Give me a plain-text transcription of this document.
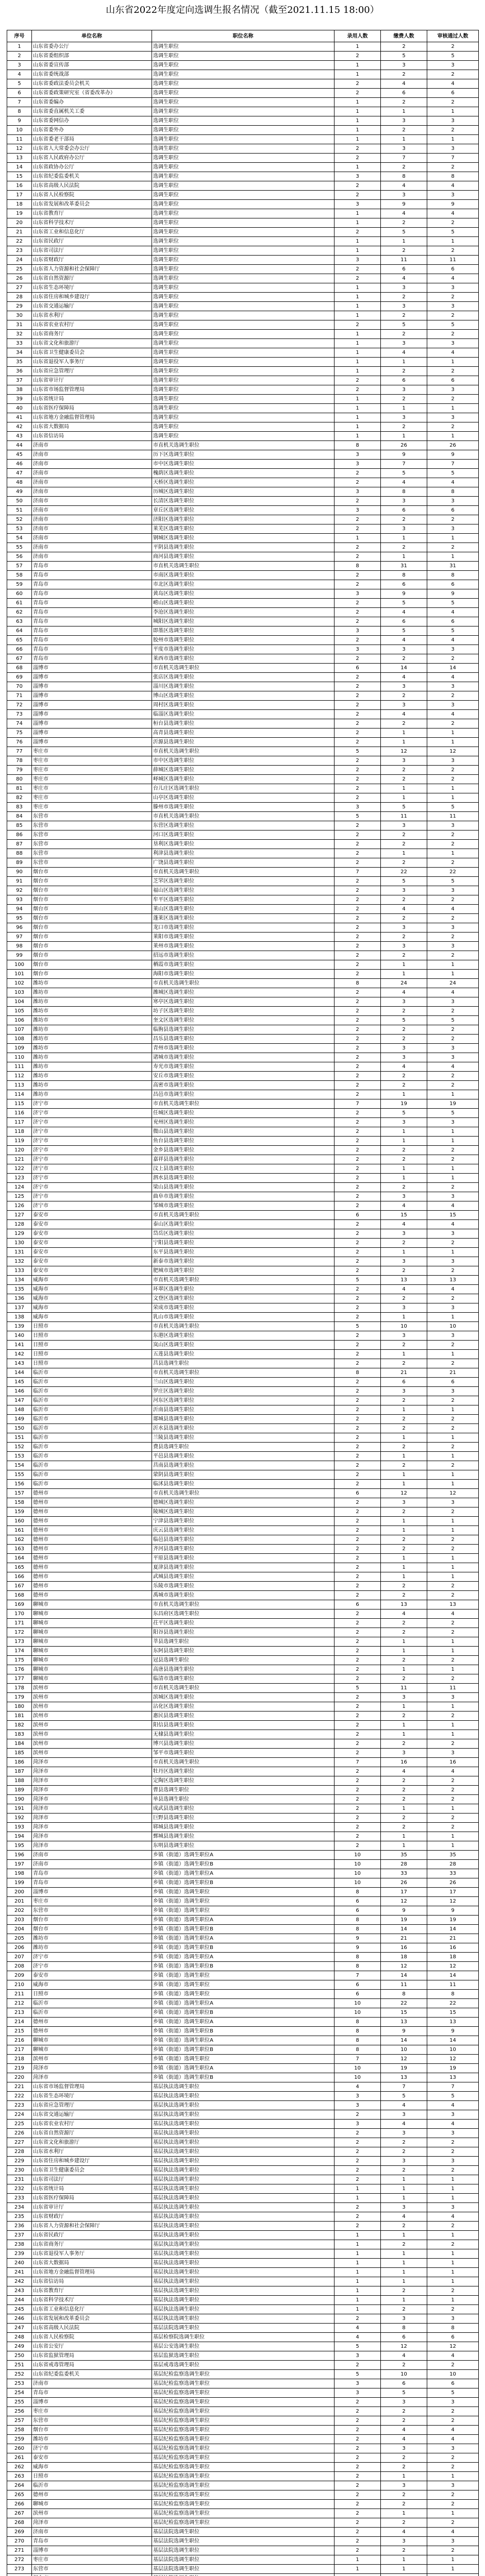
山东省2022年度定向选调生报名情况（截至2021.11.15 18:00）
序号	单位名称	职位名称	录用人数	缴费人数	审核通过人数
1	山东省委办公厅	选调生职位	1	2	2
2	山东省委组织部	选调生职位	2	5	5
3	山东省委宣传部	选调生职位	1	3	3
4	山东省委统战部	选调生职位	1	2	2
5	山东省委政法委员会机关	选调生职位	2	4	4
6	山东省委政策研究室（省委改革办）	选调生职位	2	6	6
7	山东省委编办	选调生职位	1	2	2
8	山东省委直属机关工委	选调生职位	1	1	1
9	山东省委网信办	选调生职位	1	3	3
10	山东省委外办	选调生职位	1	2	2
11	山东省委老干部局	选调生职位	1	1	1
12	山东省人大常委会办公厅	选调生职位	2	3	3
13	山东省人民政府办公厅	选调生职位	2	7	7
14	山东省政协办公厅	选调生职位	1	2	2
15	山东省纪委监委机关	选调生职位	3	8	8
16	山东省高级人民法院	选调生职位	2	4	4
17	山东省人民检察院	选调生职位	2	3	3
18	山东省发展和改革委员会	选调生职位	3	9	9
19	山东省教育厅	选调生职位	1	4	4
20	山东省科学技术厅	选调生职位	1	2	2
21	山东省工业和信息化厅	选调生职位	2	5	5
22	山东省民政厅	选调生职位	1	1	1
23	山东省司法厅	选调生职位	1	2	2
24	山东省财政厅	选调生职位	3	11	11
25	山东省人力资源和社会保障厅	选调生职位	2	6	6
26	山东省自然资源厅	选调生职位	2	4	4
27	山东省生态环境厅	选调生职位	1	3	3
28	山东省住房和城乡建设厅	选调生职位	1	2	2
29	山东省交通运输厅	选调生职位	1	3	3
30	山东省水利厅	选调生职位	1	2	2
31	山东省农业农村厅	选调生职位	2	5	5
32	山东省商务厅	选调生职位	1	2	2
33	山东省文化和旅游厅	选调生职位	1	3	3
34	山东省卫生健康委员会	选调生职位	1	4	4
35	山东省退役军人事务厅	选调生职位	1	1	1
36	山东省应急管理厅	选调生职位	1	2	2
37	山东省审计厅	选调生职位	2	6	6
38	山东省市场监督管理局	选调生职位	2	3	3
39	山东省统计局	选调生职位	1	2	2
40	山东省医疗保障局	选调生职位	1	1	1
41	山东省地方金融监督管理局	选调生职位	1	3	3
42	山东省大数据局	选调生职位	1	2	2
43	山东省信访局	选调生职位	1	1	1
44	济南市	市直机关选调生职位	8	26	26
45	济南市	历下区选调生职位	3	9	9
46	济南市	市中区选调生职位	3	7	7
47	济南市	槐荫区选调生职位	2	5	5
48	济南市	天桥区选调生职位	2	4	4
49	济南市	历城区选调生职位	3	8	8
50	济南市	长清区选调生职位	2	3	3
51	济南市	章丘区选调生职位	3	6	6
52	济南市	济阳区选调生职位	2	2	2
53	济南市	莱芜区选调生职位	2	3	3
54	济南市	钢城区选调生职位	1	1	1
55	济南市	平阴县选调生职位	2	2	2
56	济南市	商河县选调生职位	2	1	1
57	青岛市	市直机关选调生职位	8	31	31
58	青岛市	市南区选调生职位	2	8	8
59	青岛市	市北区选调生职位	2	6	6
60	青岛市	黄岛区选调生职位	3	9	9
61	青岛市	崂山区选调生职位	2	5	5
62	青岛市	李沧区选调生职位	2	4	4
63	青岛市	城阳区选调生职位	2	6	6
64	青岛市	即墨区选调生职位	3	5	5
65	青岛市	胶州市选调生职位	2	4	4
66	青岛市	平度市选调生职位	3	3	3
67	青岛市	莱西市选调生职位	2	2	2
68	淄博市	市直机关选调生职位	6	14	14
69	淄博市	张店区选调生职位	2	4	4
70	淄博市	淄川区选调生职位	2	3	3
71	淄博市	博山区选调生职位	2	2	2
72	淄博市	周村区选调生职位	2	3	3
73	淄博市	临淄区选调生职位	2	4	4
74	淄博市	桓台县选调生职位	2	2	2
75	淄博市	高青县选调生职位	2	1	1
76	淄博市	沂源县选调生职位	2	1	1
77	枣庄市	市直机关选调生职位	5	12	12
78	枣庄市	市中区选调生职位	2	3	3
79	枣庄市	薛城区选调生职位	2	2	2
80	枣庄市	峄城区选调生职位	2	2	2
81	枣庄市	台儿庄区选调生职位	2	1	1
82	枣庄市	山亭区选调生职位	2	1	1
83	枣庄市	滕州市选调生职位	3	5	5
84	东营市	市直机关选调生职位	5	11	11
85	东营市	东营区选调生职位	2	3	3
86	东营市	河口区选调生职位	2	2	2
87	东营市	垦利区选调生职位	2	2	2
88	东营市	利津县选调生职位	2	1	1
89	东营市	广饶县选调生职位	2	2	2
90	烟台市	市直机关选调生职位	7	22	22
91	烟台市	芝罘区选调生职位	2	5	5
92	烟台市	福山区选调生职位	2	3	3
93	烟台市	牟平区选调生职位	2	2	2
94	烟台市	莱山区选调生职位	2	4	4
95	烟台市	蓬莱区选调生职位	2	2	2
96	烟台市	龙口市选调生职位	2	3	3
97	烟台市	莱阳市选调生职位	2	2	2
98	烟台市	莱州市选调生职位	2	3	3
99	烟台市	招远市选调生职位	2	2	2
100	烟台市	栖霞市选调生职位	2	1	1
101	烟台市	海阳市选调生职位	2	1	1
102	潍坊市	市直机关选调生职位	8	24	24
103	潍坊市	潍城区选调生职位	2	4	4
104	潍坊市	寒亭区选调生职位	2	3	3
105	潍坊市	坊子区选调生职位	2	2	2
106	潍坊市	奎文区选调生职位	2	5	5
107	潍坊市	临朐县选调生职位	2	2	2
108	潍坊市	昌乐县选调生职位	2	2	2
109	潍坊市	青州市选调生职位	2	3	3
110	潍坊市	诸城市选调生职位	2	3	3
111	潍坊市	寿光市选调生职位	2	4	4
112	潍坊市	安丘市选调生职位	2	2	2
113	潍坊市	高密市选调生职位	2	2	2
114	潍坊市	昌邑市选调生职位	2	1	1
115	济宁市	市直机关选调生职位	7	19	19
116	济宁市	任城区选调生职位	2	5	5
117	济宁市	兖州区选调生职位	2	3	3
118	济宁市	微山县选调生职位	2	1	1
119	济宁市	鱼台县选调生职位	2	1	1
120	济宁市	金乡县选调生职位	2	2	2
121	济宁市	嘉祥县选调生职位	2	2	2
122	济宁市	汶上县选调生职位	2	1	1
123	济宁市	泗水县选调生职位	2	1	1
124	济宁市	梁山县选调生职位	2	2	2
125	济宁市	曲阜市选调生职位	2	3	3
126	济宁市	邹城市选调生职位	2	4	4
127	泰安市	市直机关选调生职位	6	15	15
128	泰安市	泰山区选调生职位	2	4	4
129	泰安市	岱岳区选调生职位	2	3	3
130	泰安市	宁阳县选调生职位	2	2	2
131	泰安市	东平县选调生职位	2	1	1
132	泰安市	新泰市选调生职位	2	3	3
133	泰安市	肥城市选调生职位	2	2	2
134	威海市	市直机关选调生职位	5	13	13
135	威海市	环翠区选调生职位	2	4	4
136	威海市	文登区选调生职位	2	2	2
137	威海市	荣成市选调生职位	2	3	3
138	威海市	乳山市选调生职位	2	1	1
139	日照市	市直机关选调生职位	5	10	10
140	日照市	东港区选调生职位	2	3	3
141	日照市	岚山区选调生职位	2	2	2
142	日照市	五莲县选调生职位	2	1	1
143	日照市	莒县选调生职位	2	2	2
144	临沂市	市直机关选调生职位	8	21	21
145	临沂市	兰山区选调生职位	2	6	6
146	临沂市	罗庄区选调生职位	2	3	3
147	临沂市	河东区选调生职位	2	2	2
148	临沂市	沂南县选调生职位	2	1	1
149	临沂市	郯城县选调生职位	2	2	2
150	临沂市	沂水县选调生职位	2	2	2
151	临沂市	兰陵县选调生职位	2	1	1
152	临沂市	费县选调生职位	2	2	2
153	临沂市	平邑县选调生职位	2	1	1
154	临沂市	莒南县选调生职位	2	2	2
155	临沂市	蒙阴县选调生职位	2	1	1
156	临沂市	临沭县选调生职位	2	1	1
157	德州市	市直机关选调生职位	6	12	12
158	德州市	德城区选调生职位	2	3	3
159	德州市	陵城区选调生职位	2	2	2
160	德州市	宁津县选调生职位	2	1	1
161	德州市	庆云县选调生职位	2	1	1
162	德州市	临邑县选调生职位	2	2	2
163	德州市	齐河县选调生职位	2	2	2
164	德州市	平原县选调生职位	2	1	1
165	德州市	夏津县选调生职位	2	1	1
166	德州市	武城县选调生职位	2	1	1
167	德州市	乐陵市选调生职位	2	2	2
168	德州市	禹城市选调生职位	2	2	2
169	聊城市	市直机关选调生职位	6	13	13
170	聊城市	东昌府区选调生职位	2	4	4
171	聊城市	茌平区选调生职位	2	2	2
172	聊城市	阳谷县选调生职位	2	2	2
173	聊城市	莘县选调生职位	2	1	1
174	聊城市	东阿县选调生职位	2	1	1
175	聊城市	冠县选调生职位	2	2	2
176	聊城市	高唐县选调生职位	2	1	1
177	聊城市	临清市选调生职位	2	2	2
178	滨州市	市直机关选调生职位	5	11	11
179	滨州市	滨城区选调生职位	2	3	3
180	滨州市	沾化区选调生职位	2	1	1
181	滨州市	惠民县选调生职位	2	2	2
182	滨州市	阳信县选调生职位	2	1	1
183	滨州市	无棣县选调生职位	2	1	1
184	滨州市	博兴县选调生职位	2	2	2
185	滨州市	邹平市选调生职位	2	3	3
186	菏泽市	市直机关选调生职位	7	16	16
187	菏泽市	牡丹区选调生职位	2	4	4
188	菏泽市	定陶区选调生职位	2	2	2
189	菏泽市	曹县选调生职位	2	2	2
190	菏泽市	单县选调生职位	2	2	2
191	菏泽市	成武县选调生职位	2	1	1
192	菏泽市	巨野县选调生职位	2	2	2
193	菏泽市	郓城县选调生职位	2	2	2
194	菏泽市	鄄城县选调生职位	2	1	1
195	菏泽市	东明县选调生职位	2	1	1
196	济南市	乡镇（街道）选调生职位A	10	35	35
197	济南市	乡镇（街道）选调生职位B	10	28	28
198	青岛市	乡镇（街道）选调生职位A	10	33	33
199	青岛市	乡镇（街道）选调生职位B	10	26	26
200	淄博市	乡镇（街道）选调生职位	8	17	17
201	枣庄市	乡镇（街道）选调生职位	6	12	12
202	东营市	乡镇（街道）选调生职位	6	9	9
203	烟台市	乡镇（街道）选调生职位A	8	19	19
204	烟台市	乡镇（街道）选调生职位B	8	14	14
205	潍坊市	乡镇（街道）选调生职位A	9	21	21
206	潍坊市	乡镇（街道）选调生职位B	9	16	16
207	济宁市	乡镇（街道）选调生职位A	8	18	18
208	济宁市	乡镇（街道）选调生职位B	8	12	12
209	泰安市	乡镇（街道）选调生职位	7	14	14
210	威海市	乡镇（街道）选调生职位	6	11	11
211	日照市	乡镇（街道）选调生职位	6	8	8
212	临沂市	乡镇（街道）选调生职位A	10	22	22
213	临沂市	乡镇（街道）选调生职位B	10	15	15
214	德州市	乡镇（街道）选调生职位A	8	13	13
215	德州市	乡镇（街道）选调生职位B	8	9	9
216	聊城市	乡镇（街道）选调生职位A	8	14	14
217	聊城市	乡镇（街道）选调生职位B	8	10	10
218	滨州市	乡镇（街道）选调生职位	7	12	12
219	菏泽市	乡镇（街道）选调生职位A	10	19	19
220	菏泽市	乡镇（街道）选调生职位B	10	13	13
221	山东省市场监督管理局	基层执法选调生职位	4	7	7
222	山东省生态环境厅	基层执法选调生职位	3	5	5
223	山东省应急管理厅	基层执法选调生职位	3	4	4
224	山东省交通运输厅	基层执法选调生职位	2	3	3
225	山东省农业农村厅	基层执法选调生职位	3	4	4
226	山东省自然资源厅	基层执法选调生职位	2	3	3
227	山东省文化和旅游厅	基层执法选调生职位	2	2	2
228	山东省水利厅	基层执法选调生职位	2	2	2
229	山东省住房和城乡建设厅	基层执法选调生职位	2	3	3
230	山东省卫生健康委员会	基层执法选调生职位	2	2	2
231	山东省司法厅	基层执法选调生职位	2	1	1
232	山东省统计局	基层执法选调生职位	1	1	1
233	山东省医疗保障局	基层执法选调生职位	1	1	1
234	山东省审计厅	基层执法选调生职位	2	3	3
235	山东省财政厅	基层执法选调生职位	2	4	4
236	山东省人力资源和社会保障厅	基层执法选调生职位	2	2	2
237	山东省民政厅	基层执法选调生职位	1	1	1
238	山东省商务厅	基层执法选调生职位	1	2	2
239	山东省退役军人事务厅	基层执法选调生职位	1	1	1
240	山东省大数据局	基层执法选调生职位	1	1	1
241	山东省地方金融监督管理局	基层执法选调生职位	1	1	1
242	山东省信访局	基层执法选调生职位	1	1	1
243	山东省教育厅	基层执法选调生职位	1	2	2
244	山东省科学技术厅	基层执法选调生职位	1	1	1
245	山东省工业和信息化厅	基层执法选调生职位	1	2	2
246	山东省发展和改革委员会	基层执法选调生职位	2	3	3
247	山东省高级人民法院	基层法院选调生职位	4	8	8
248	山东省人民检察院	基层检察院选调生职位	4	6	6
249	山东省公安厅	基层公安选调生职位	5	12	12
250	山东省监狱管理局	基层监狱选调生职位	3	4	4
251	山东省戒毒管理局	基层戒毒选调生职位	2	2	2
252	山东省纪委监委机关	基层纪检监察选调生职位	5	10	10
253	济南市	基层纪检监察选调生职位	3	6	6
254	青岛市	基层纪检监察选调生职位	3	5	5
255	淄博市	基层纪检监察选调生职位	2	3	3
256	枣庄市	基层纪检监察选调生职位	2	2	2
257	东营市	基层纪检监察选调生职位	2	2	2
258	烟台市	基层纪检监察选调生职位	2	4	4
259	潍坊市	基层纪检监察选调生职位	2	4	4
260	济宁市	基层纪检监察选调生职位	2	3	3
261	泰安市	基层纪检监察选调生职位	2	2	2
262	威海市	基层纪检监察选调生职位	2	2	2
263	日照市	基层纪检监察选调生职位	2	1	1
264	临沂市	基层纪检监察选调生职位	2	3	3
265	德州市	基层纪检监察选调生职位	2	2	2
266	聊城市	基层纪检监察选调生职位	2	2	2
267	滨州市	基层纪检监察选调生职位	2	1	1
268	菏泽市	基层纪检监察选调生职位	2	2	2
269	济南市	基层法院选调生职位	2	4	4
270	青岛市	基层法院选调生职位	2	3	3
271	淄博市	基层法院选调生职位	2	2	2
272	枣庄市	基层法院选调生职位	1	1	1
273	东营市	基层法院选调生职位	1	1	1
